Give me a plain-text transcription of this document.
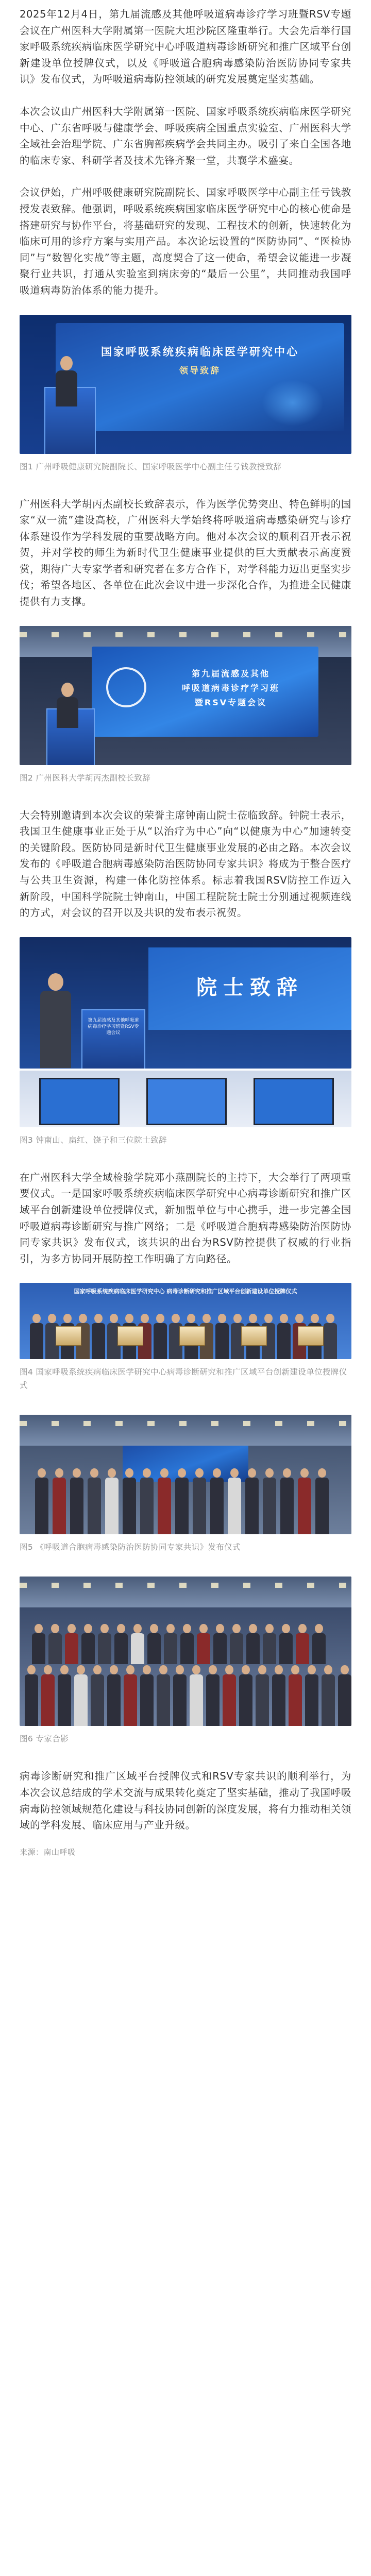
2025年12月4日，第九届流感及其他呼吸道病毒诊疗学习班暨RSV专题会议在广州医科大学附属第一医院大坦沙院区隆重举行。大会先后举行国家呼吸系统疾病临床医学研究中心呼吸道病毒诊断研究和推广区域平台创新建设单位授牌仪式，以及《呼吸道合胞病毒感染防治医防协同专家共识》发布仪式，为呼吸道病毒防控领域的研究发展奠定坚实基础。

本次会议由广州医科大学附属第一医院、国家呼吸系统疾病临床医学研究中心、广东省呼吸与健康学会、呼吸疾病全国重点实验室、广州医科大学全域社会治理学院、广东省胸部疾病学会共同主办。吸引了来自全国各地的临床专家、科研学者及技术先锋齐聚一堂，共襄学术盛宴。

会议伊始，广州呼吸健康研究院副院长、国家呼吸医学中心副主任亏钱教授发表致辞。他强调，呼吸系统疾病国家临床医学研究中心的核心使命是搭建研究与协作平台，将基础研究的发现、工程技术的创新，快速转化为临床可用的诊疗方案与实用产品。本次论坛设置的“医防协同”、“医检协同”与“数智化实战”等主题，高度契合了这一使命，希望会议能进一步凝聚行业共识，打通从实验室到病床旁的“最后一公里”，共同推动我国呼吸道病毒防治体系的能力提升。

国家呼吸系统疾病临床医学研究中心
领导致辞
图1 广州呼吸健康研究院副院长、国家呼吸医学中心副主任亏钱教授致辞

广州医科大学胡丙杰副校长致辞表示，作为医学优势突出、特色鲜明的国家“双一流”建设高校，广州医科大学始终将呼吸道病毒感染研究与诊疗体系建设作为学科发展的重要战略方向。他对本次会议的顺利召开表示祝贺，并对学校的师生为新时代卫生健康事业提供的巨大贡献表示高度赞赏，期待广大专家学者和研究者在多方合作下，对学科能力迈出更坚实步伐；希望各地区、各单位在此次会议中进一步深化合作，为推进全民健康提供有力支撑。

第九届流感及其他
呼吸道病毒诊疗学习班
暨RSV专题会议
图2 广州医科大学胡丙杰副校长致辞

大会特别邀请到本次会议的荣誉主席钟南山院士莅临致辞。钟院士表示，我国卫生健康事业正处于从“以治疗为中心”向“以健康为中心”加速转变的关键阶段。医防协同是新时代卫生健康事业发展的必由之路。本次会议发布的《呼吸道合胞病毒感染防治医防协同专家共识》将成为于整合医疗与公共卫生资源，构建一体化防控体系。标志着我国RSV防控工作迈入新阶段，中国科学院院士钟南山，中国工程院院士院士分别通过视频连线的方式，对会议的召开以及共识的发布表示祝贺。

院士致辞
第九届流感及其他呼吸道病毒诊疗学习班暨RSV专题会议
图3 钟南山、扁红、饶子和三位院士致辞

在广州医科大学全域检验学院邓小燕副院长的主持下，大会举行了两项重要仪式。一是国家呼吸系统疾病临床医学研究中心病毒诊断研究和推广区域平台创新建设单位授牌仪式，新加盟单位与中心携手，进一步完善全国呼吸道病毒诊断研究与推广网络；二是《呼吸道合胞病毒感染防治医防协同专家共识》发布仪式，该共识的出台为RSV防控提供了权威的行业指引，为多方协同开展防控工作明确了方向路径。

国家呼吸系统疾病临床医学研究中心 病毒诊断研究和推广区域平台创新建设单位授牌仪式
图4 国家呼吸系统疾病临床医学研究中心病毒诊断研究和推广区域平台创新建设单位授牌仪式
图5 《呼吸道合胞病毒感染防治医防协同专家共识》发布仪式
图6 专家合影

病毒诊断研究和推广区域平台授牌仪式和RSV专家共识的顺利举行，为本次会议总结成的学术交流与成果转化奠定了坚实基础，推动了我国呼吸病毒防控领域规范化建设与科技协同创新的深度发展，将有力推动相关领域的学科发展、临床应用与产业升级。

来源：南山呼吸
